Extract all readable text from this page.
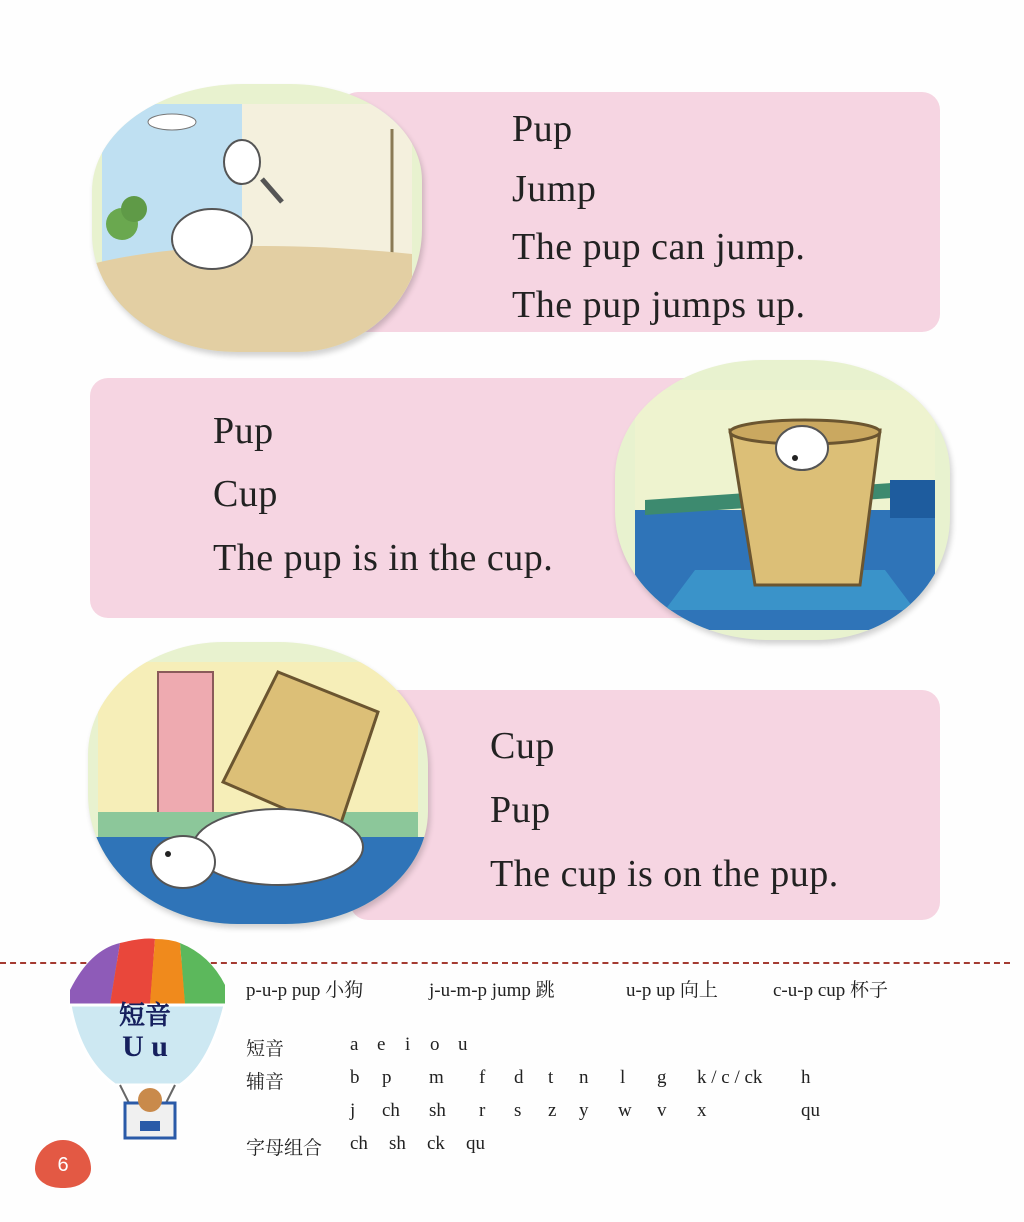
Pup
Jump
The pup can jump.
The pup jumps up.
Pup
Cup
The pup is in the cup.
Cup
Pup
The cup is on the pup.
短音
U u
p-u-p pup 小狗	j-u-m-p jump 跳	u-p up 向上	c-u-p cup 杯子
短音	a e i o u
辅音	b p m f d t n l g k / c / ck h
j ch sh r s z y w v x	qu
字母组合 ch sh ck qu
6
